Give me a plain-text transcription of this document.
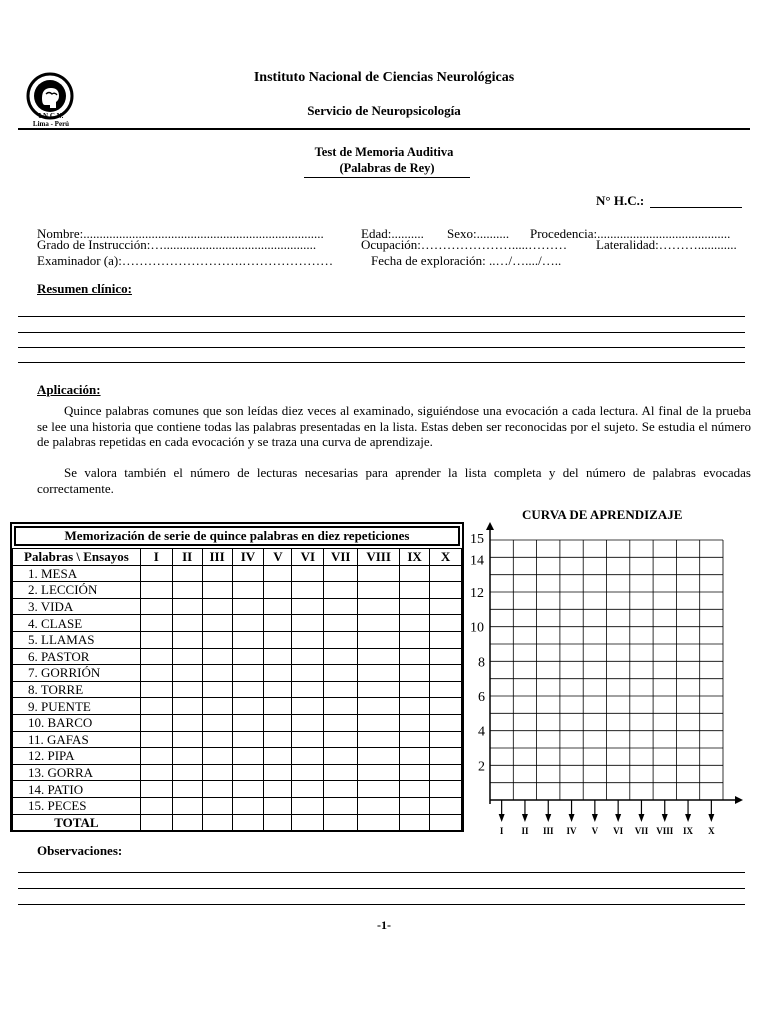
I.N.C.N.
Lima - Perú
Instituto Nacional de Ciencias Neurológicas
Servicio de Neuropsicología
Test de Memoria Auditiva
(Palabras de Rey)
N° H.C.:
Nombre:..........................................................................	Edad:.......... Sexo:.......... Procedencia:.........................................
Grado de Instrucción:…...............................................	Ocupación:………………….....……… Lateralidad:………............
Examinador (a):……………………….…………………	Fecha de exploración: ..…/…..../…..
Resumen clínico:
Aplicación:
Quince palabras comunes que son leídas diez veces al examinado, siguiéndose una evocación a cada lectura. Al final de la prueba se lee una historia que contiene todas las palabras presentadas en la lista. Estas deben ser reconocidas por el sujeto. Se estudia el número de palabras repetidas en cada evocación y se traza una curva de aprendizaje.
Se valora también el número de lecturas necesarias para aprender la lista completa y del número de palabras evocadas correctamente.
Memorización de serie de quince palabras en diez repeticiones
Palabras \ Ensayos	I	II	III	IV	V	VI	VII	VIII	IX	X
1. MESA										
2. LECCIÓN										
3. VIDA										
4. CLASE										
5. LLAMAS										
6. PASTOR										
7. GORRIÓN										
8. TORRE										
9. PUENTE										
10. BARCO										
11. GAFAS										
12. PIPA										
13. GORRA										
14. PATIO										
15. PECES										
TOTAL										
CURVA DE APRENDIZAJE
2
4
6
8
10
12
14
15
I II III IV V VI VII VIII IX X
Observaciones:
-1-
